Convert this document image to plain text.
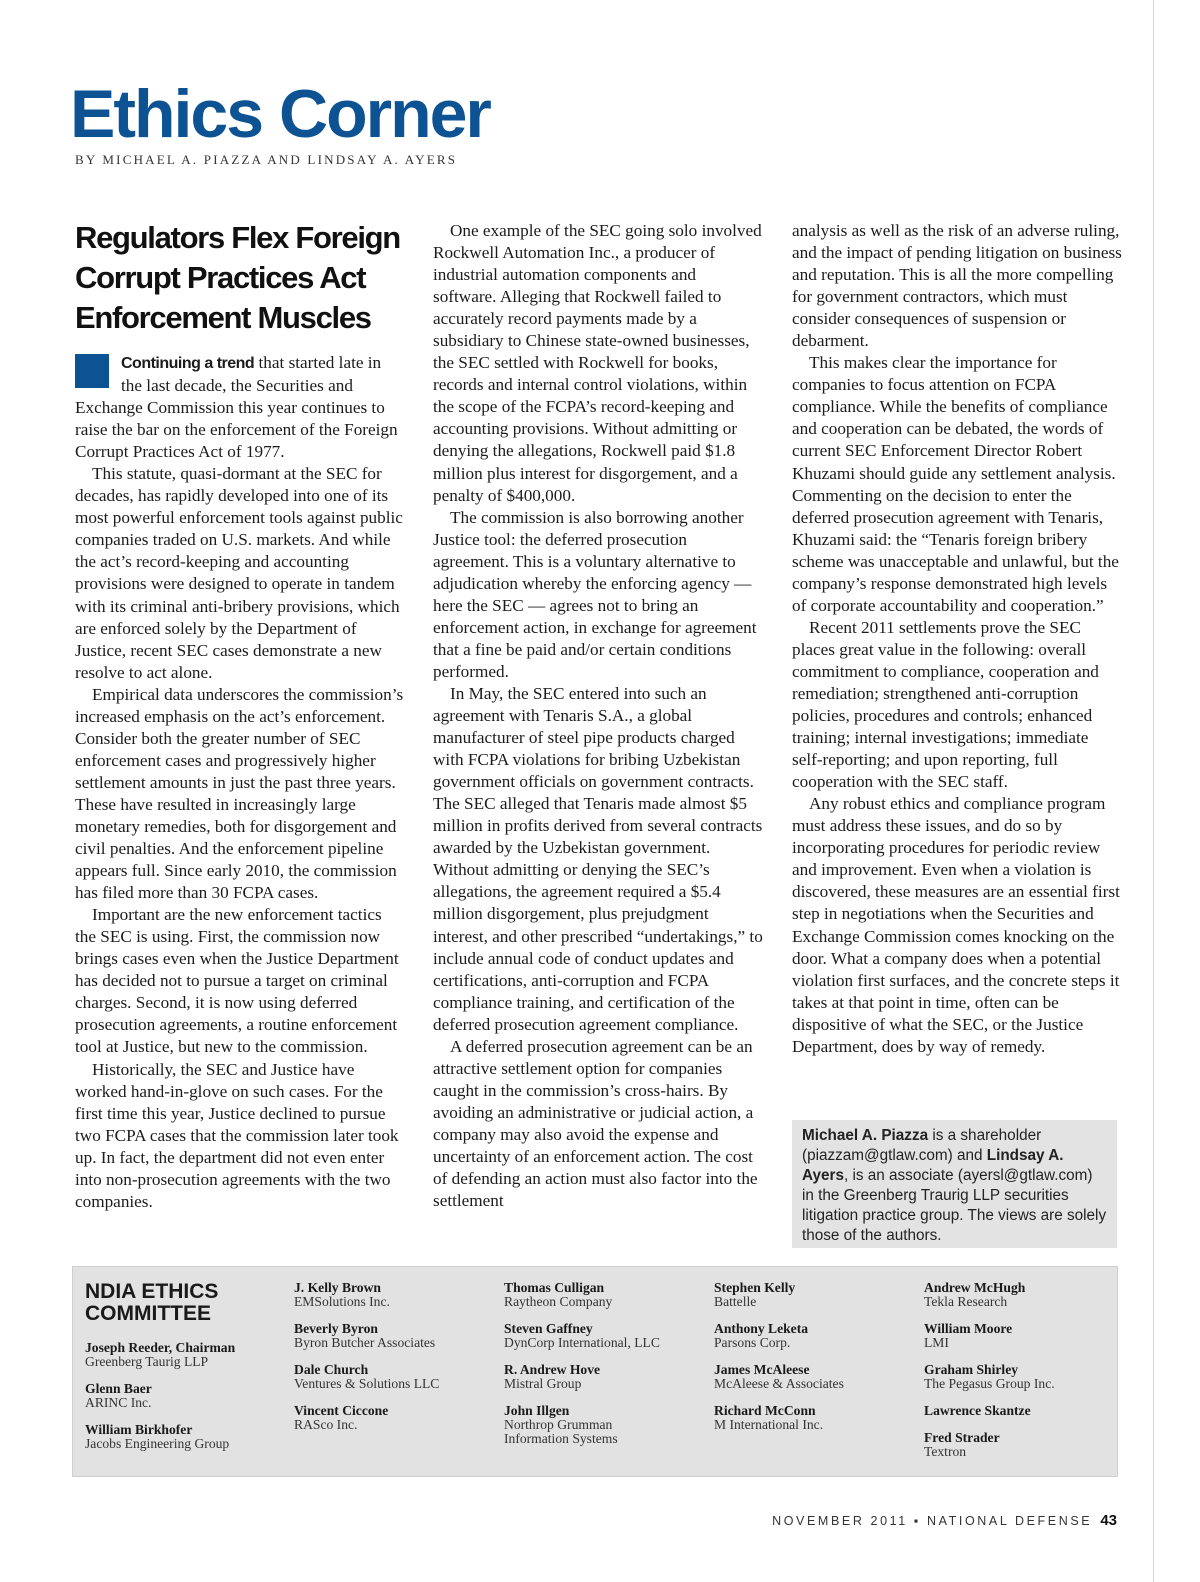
Ethics Corner
BY MICHAEL A. PIAZZA AND LINDSAY A. AYERS
Regulators Flex Foreign Corrupt Practices Act Enforcement Muscles

Continuing a trend that started late in the last decade, the Securities and Exchange Commission this year continues to raise the bar on the enforcement of the Foreign Corrupt Practices Act of 1977.

This statute, quasi-dormant at the SEC for decades, has rapidly developed into one of its most powerful enforcement tools against public companies traded on U.S. markets. And while the act’s record-keeping and accounting provisions were designed to operate in tandem with its criminal anti-bribery provisions, which are enforced solely by the Department of Justice, recent SEC cases demonstrate a new resolve to act alone.

Empirical data underscores the commission’s increased emphasis on the act’s enforcement. Consider both the greater number of SEC enforcement cases and progressively higher settlement amounts in just the past three years. These have resulted in increasingly large monetary remedies, both for disgorgement and civil penalties. And the enforcement pipeline appears full. Since early 2010, the commission has filed more than 30 FCPA cases.

Important are the new enforcement tactics the SEC is using. First, the commission now brings cases even when the Justice Department has decided not to pursue a target on criminal charges. Second, it is now using deferred prosecution agreements, a routine enforcement tool at Justice, but new to the commission.

Historically, the SEC and Justice have worked hand-in-glove on such cases. For the first time this year, Justice declined to pursue two FCPA cases that the commission later took up. In fact, the department did not even enter into non-prosecution agreements with the two companies.

One example of the SEC going solo involved Rockwell Automation Inc., a producer of industrial automation components and software. Alleging that Rockwell failed to accurately record payments made by a subsidiary to Chinese state-owned businesses, the SEC settled with Rockwell for books, records and internal control violations, within the scope of the FCPA’s record-keeping and accounting provisions. Without admitting or denying the allegations, Rockwell paid $1.8 million plus interest for disgorgement, and a penalty of $400,000.

The commission is also borrowing another Justice tool: the deferred prosecution agreement. This is a voluntary alternative to adjudication whereby the enforcing agency — here the SEC — agrees not to bring an enforcement action, in exchange for agreement that a fine be paid and/or certain conditions performed.

In May, the SEC entered into such an agreement with Tenaris S.A., a global manufacturer of steel pipe products charged with FCPA violations for bribing Uzbekistan government officials on government contracts. The SEC alleged that Tenaris made almost $5 million in profits derived from several contracts awarded by the Uzbekistan government. Without admitting or denying the SEC’s allegations, the agreement required a $5.4 million disgorgement, plus prejudgment interest, and other prescribed “undertakings,” to include annual code of conduct updates and certifications, anti-corruption and FCPA compliance training, and certification of the deferred prosecution agreement compliance.

A deferred prosecution agreement can be an attractive settlement option for companies caught in the commission’s cross-hairs. By avoiding an administrative or judicial action, a company may also avoid the expense and uncertainty of an enforcement action. The cost of defending an action must also factor into the settlement

analysis as well as the risk of an adverse ruling, and the impact of pending litigation on business and reputation. This is all the more compelling for government contractors, which must consider consequences of suspension or debarment.

This makes clear the importance for companies to focus attention on FCPA compliance. While the benefits of compliance and cooperation can be debated, the words of current SEC Enforcement Director Robert Khuzami should guide any settlement analysis. Commenting on the decision to enter the deferred prosecution agreement with Tenaris, Khuzami said: the “Tenaris foreign bribery scheme was unacceptable and unlawful, but the company’s response demonstrated high levels of corporate accountability and cooperation.”

Recent 2011 settlements prove the SEC places great value in the following: overall commitment to compliance, cooperation and remediation; strengthened anti-corruption policies, procedures and controls; enhanced training; internal investigations; immediate self-reporting; and upon reporting, full cooperation with the SEC staff.

Any robust ethics and compliance program must address these issues, and do so by incorporating procedures for periodic review and improvement. Even when a violation is discovered, these measures are an essential first step in negotiations when the Securities and Exchange Commission comes knocking on the door. What a company does when a potential violation first surfaces, and the concrete steps it takes at that point in time, often can be dispositive of what the SEC, or the Justice Department, does by way of remedy.

Michael A. Piazza is a shareholder (piazzam@gtlaw.com) and Lindsay A. Ayers, is an associate (ayersl@gtlaw.com) in the Greenberg Traurig LLP securities litigation practice group. The views are solely those of the authors.
NDIA ETHICS COMMITTEE
Joseph Reeder, Chairman
Greenberg Taurig LLP
Glenn Baer
ARINC Inc.
William Birkhofer
Jacobs Engineering Group
J. Kelly Brown
EMSolutions Inc.
Beverly Byron
Byron Butcher Associates
Dale Church
Ventures & Solutions LLC
Vincent Ciccone
RASco Inc.
Thomas Culligan
Raytheon Company
Steven Gaffney
DynCorp International, LLC
R. Andrew Hove
Mistral Group
John Illgen
Northrop Grumman Information Systems
Stephen Kelly
Battelle
Anthony Leketa
Parsons Corp.
James McAleese
McAleese & Associates
Richard McConn
M International Inc.
Andrew McHugh
Tekla Research
William Moore
LMI
Graham Shirley
The Pegasus Group Inc.
Lawrence Skantze
Fred Strader
Textron
NOVEMBER 2011 ▪ NATIONAL DEFENSE 43
